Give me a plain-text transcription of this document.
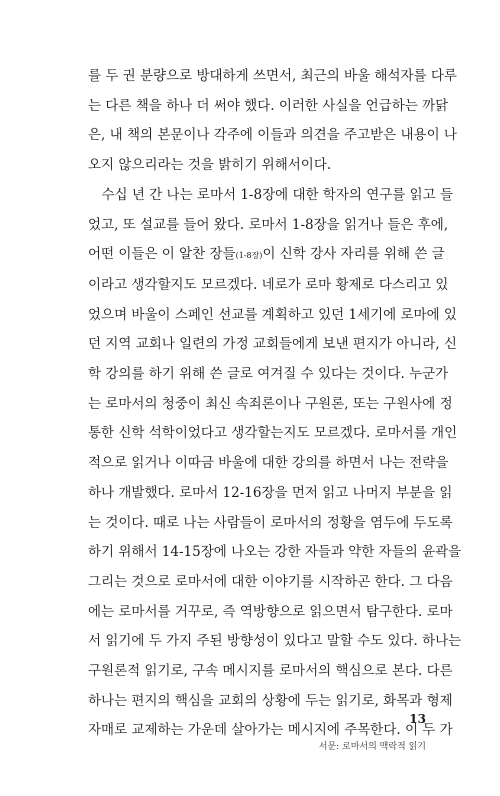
를 두 권 분량으로 방대하게 쓰면서, 최근의 바울 해석자를 다루
는 다른 책을 하나 더 써야 했다. 이러한 사실을 언급하는 까닭
은, 내 책의 본문이나 각주에 이들과 의견을 주고받은 내용이 나
오지 않으리라는 것을 밝히기 위해서이다.

수십 년 간 나는 로마서 1-8장에 대한 학자의 연구를 읽고 들
었고, 또 설교를 들어 왔다. 로마서 1-8장을 읽거나 들은 후에,
어떤 이들은 이 알찬 장들(1-8장)이 신학 강사 자리를 위해 쓴 글
이라고 생각할지도 모르겠다. 네로가 로마 황제로 다스리고 있
었으며 바울이 스페인 선교를 계획하고 있던 1세기에 로마에 있
던 지역 교회나 일련의 가정 교회들에게 보낸 편지가 아니라, 신
학 강의를 하기 위해 쓴 글로 여겨질 수 있다는 것이다. 누군가
는 로마서의 청중이 최신 속죄론이나 구원론, 또는 구원사에 정
통한 신학 석학이었다고 생각할는지도 모르겠다. 로마서를 개인
적으로 읽거나 이따금 바울에 대한 강의를 하면서 나는 전략을
하나 개발했다. 로마서 12-16장을 먼저 읽고 나머지 부분을 읽
는 것이다. 때로 나는 사람들이 로마서의 정황을 염두에 두도록
하기 위해서 14-15장에 나오는 강한 자들과 약한 자들의 윤곽을
그리는 것으로 로마서에 대한 이야기를 시작하곤 한다. 그 다음
에는 로마서를 거꾸로, 즉 역방향으로 읽으면서 탐구한다. 로마
서 읽기에 두 가지 주된 방향성이 있다고 말할 수도 있다. 하나는
구원론적 읽기로, 구속 메시지를 로마서의 핵심으로 본다. 다른
하나는 편지의 핵심을 교회의 상황에 두는 읽기로, 화목과 형제
자매로 교제하는 가운데 살아가는 메시지에 주목한다. 이 두 가

13
서문: 로마서의 맥락적 읽기
